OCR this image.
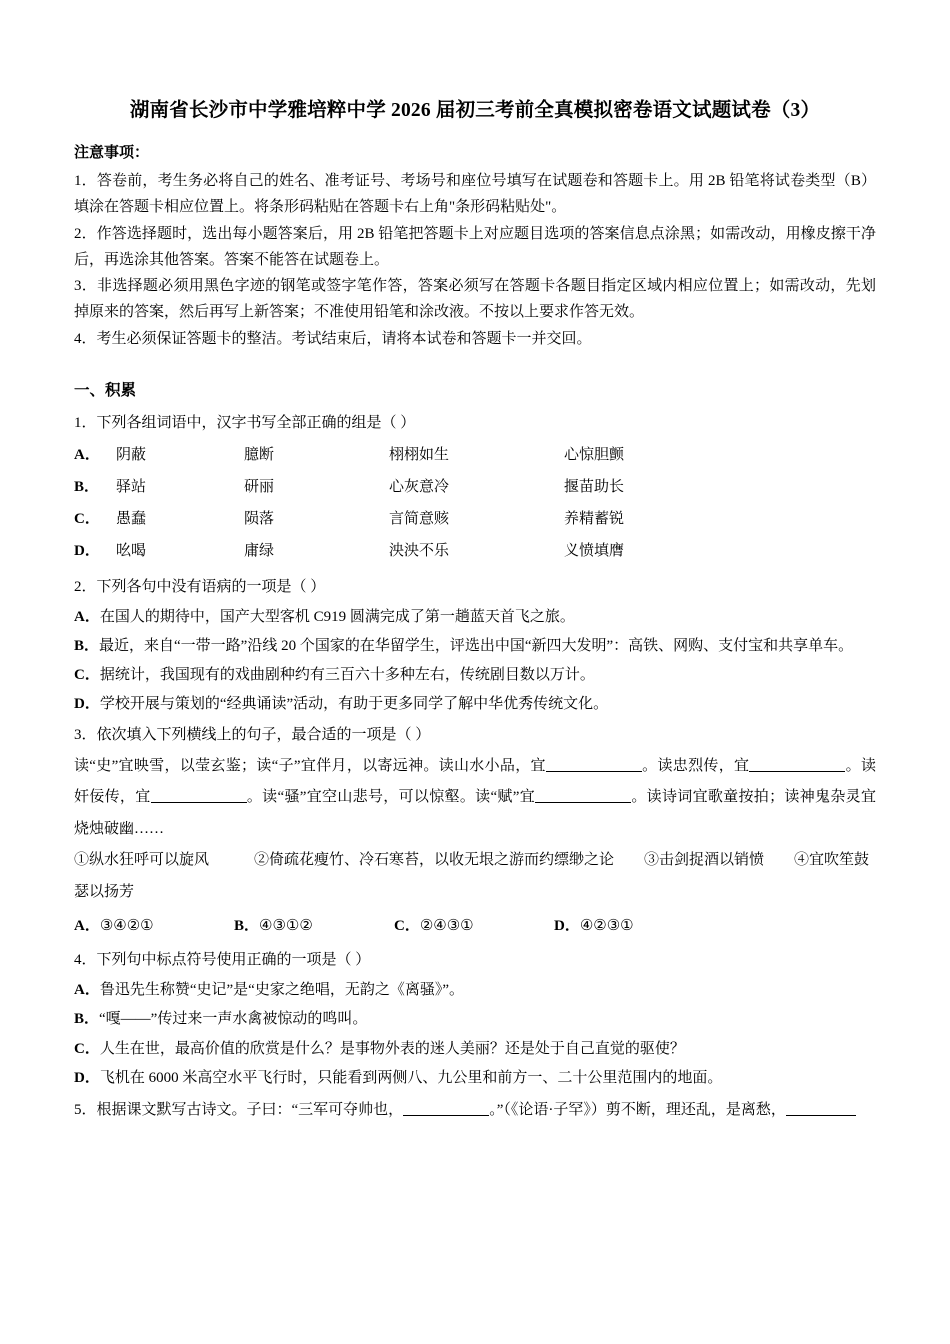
湖南省长沙市中学雅培粹中学 2026 届初三考前全真模拟密卷语文试题试卷（3）
注意事项：

1．答卷前，考生务必将自己的姓名、准考证号、考场号和座位号填写在试题卷和答题卡上。用 2B 铅笔将试卷类型（B）填涂在答题卡相应位置上。将条形码粘贴在答题卡右上角"条形码粘贴处"。

2．作答选择题时，选出每小题答案后，用 2B 铅笔把答题卡上对应题目选项的答案信息点涂黑；如需改动，用橡皮擦干净后，再选涂其他答案。答案不能答在试题卷上。

3．非选择题必须用黑色字迹的钢笔或签字笔作答，答案必须写在答题卡各题目指定区域内相应位置上；如需改动，先划掉原来的答案，然后再写上新答案；不准使用铅笔和涂改液。不按以上要求作答无效。

4．考生必须保证答题卡的整洁。考试结束后，请将本试卷和答题卡一并交回。

一、积累

1．下列各组词语中，汉字书写全部正确的组是（ ）

A．	阴蔽	臆断	栩栩如生	心惊胆颤
B．	驿站	研丽	心灰意冷	揠苗助长
C．	愚蠢	陨落	言简意赅	养精蓄锐
D．	吆喝	庸绿	泱泱不乐	义愤填膺

2．下列各句中没有语病的一项是（ ）

A．在国人的期待中，国产大型客机 C919 圆满完成了第一趟蓝天首飞之旅。

B．最近，来自“一带一路”沿线 20 个国家的在华留学生，评选出中国“新四大发明”：高铁、网购、支付宝和共享单车。

C．据统计，我国现有的戏曲剧种约有三百六十多种左右，传统剧目数以万计。

D．学校开展与策划的“经典诵读”活动，有助于更多同学了解中华优秀传统文化。

3．依次填入下列横线上的句子，最合适的一项是（ ）

读“史”宜映雪，以莹玄鉴；读“子”宜伴月，以寄远神。读山水小品，宜	。读忠烈传，宜	。读奸佞传，宜	。读“骚”宜空山悲号，可以惊壑。读“赋”宜	。读诗词宜歌童按拍；读神鬼杂灵宜烧烛破幽……

①纵水狂呼可以旋风　　　②倚疏花瘦竹、冷石寒苔，以收无垠之游而约缥缈之论　　③击剑捉酒以销愤　　④宜吹笙鼓瑟以扬芳

A．③④②①	B．④③①②	C．②④③①	D．④②③①

4．下列句中标点符号使用正确的一项是（ ）

A．鲁迅先生称赞“史记”是“史家之绝唱，无韵之《离骚》”。

B．“嘎——”传过来一声水禽被惊动的鸣叫。

C．人生在世，最高价值的欣赏是什么？是事物外表的迷人美丽？还是处于自己直觉的驱使？

D．飞机在 6000 米高空水平飞行时，只能看到两侧八、九公里和前方一、二十公里范围内的地面。

5．根据课文默写古诗文。子曰：“三军可夺帅也，	。”（《论语·子罕》）剪不断，理还乱，是离愁，
